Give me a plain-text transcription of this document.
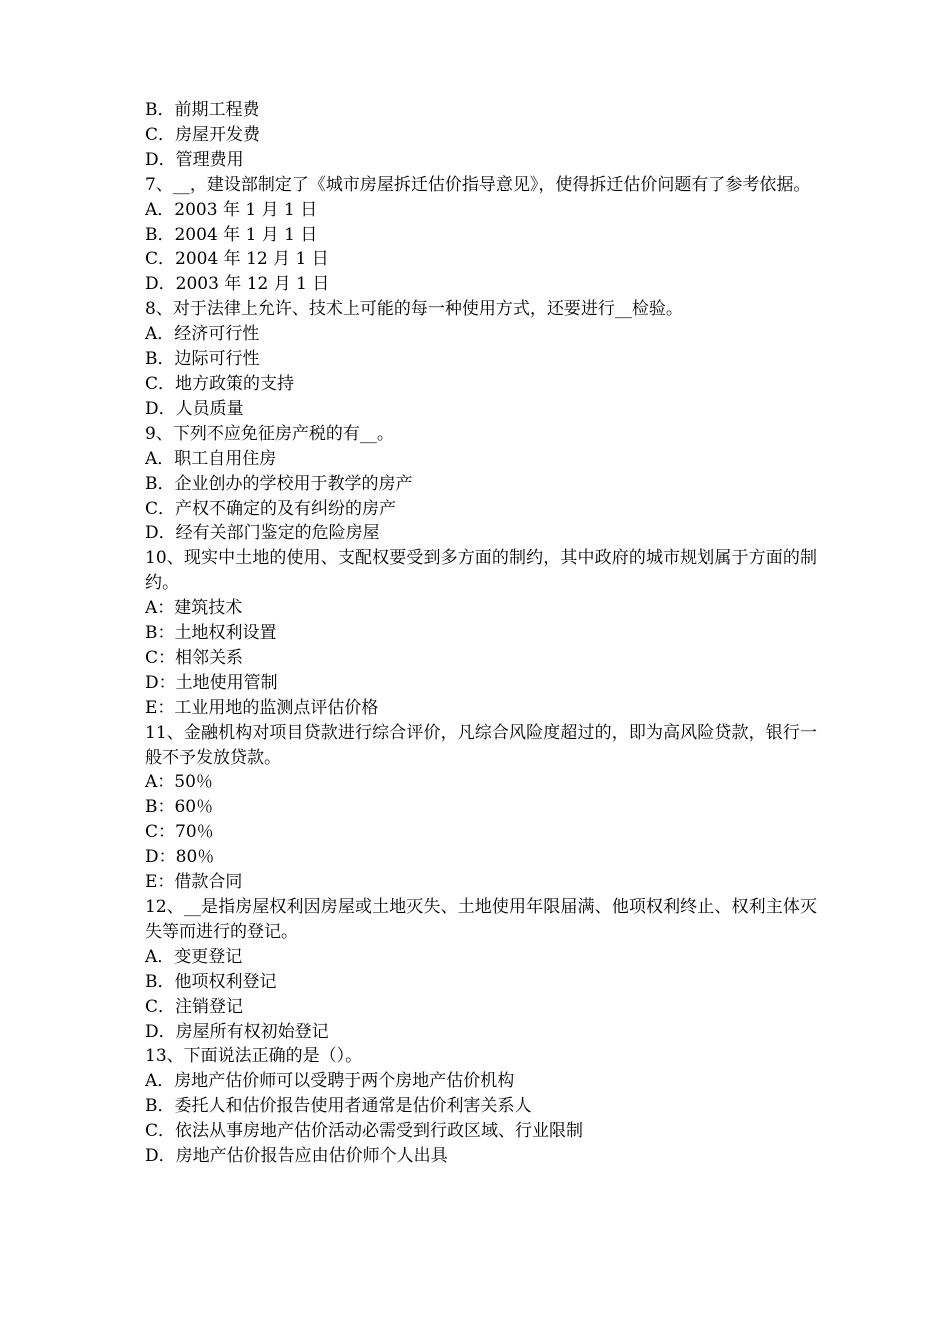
B．前期工程费
C．房屋开发费
D．管理费用
7、__，建设部制定了《城市房屋拆迁估价指导意见》，使得拆迁估价问题有了参考依据。
A．2003 年 1 月 1 日
B．2004 年 1 月 1 日
C．2004 年 12 月 1 日
D．2003 年 12 月 1 日
8、对于法律上允许、技术上可能的每一种使用方式，还要进行__检验。
A．经济可行性
B．边际可行性
C．地方政策的支持
D．人员质量
9、下列不应免征房产税的有__。
A．职工自用住房
B．企业创办的学校用于教学的房产
C．产权不确定的及有纠纷的房产
D．经有关部门鉴定的危险房屋
10、现实中土地的使用、支配权要受到多方面的制约，其中政府的城市规划属于方面的制约。
A：建筑技术
B：土地权利设置
C：相邻关系
D：土地使用管制
E：工业用地的监测点评估价格
11、金融机构对项目贷款进行综合评价，凡综合风险度超过的，即为高风险贷款，银行一般不予发放贷款。
A：50％
B：60％
C：70％
D：80％
E：借款合同
12、__是指房屋权利因房屋或土地灭失、土地使用年限届满、他项权利终止、权利主体灭失等而进行的登记。
A．变更登记
B．他项权利登记
C．注销登记
D．房屋所有权初始登记
13、下面说法正确的是（）。
A．房地产估价师可以受聘于两个房地产估价机构
B．委托人和估价报告使用者通常是估价利害关系人
C．依法从事房地产估价活动必需受到行政区域、行业限制
D．房地产估价报告应由估价师个人出具
